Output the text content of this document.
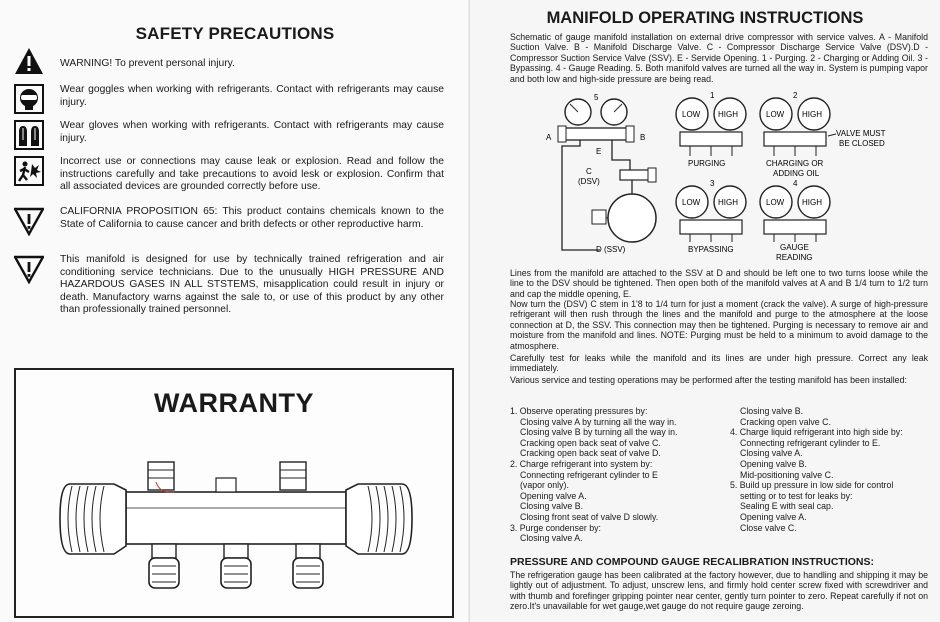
SAFETY PRECAUTIONS
WARNING! To prevent personal injury.
Wear goggles when working with refrigerants. Contact with refrigerants may cause injury.
Wear gloves when working with refrigerants. Contact with refrigerants may cause injury.
Incorrect use or connections may cause leak or explosion. Read and follow the instructions carefully and take precautions to avoid lesk or explosion. Confirm that all associated devices are grounded correctly before use.
CALIFORNIA PROPOSITION 65: This product contains chemicals known to the State of California to cause cancer and brith defects or other reproductive harm.
This manifold is designed for use by technically trained refrigeration and air conditioning service technicians. Due to the unusually HIGH PRESSURE AND HAZARDOUS GASES IN ALL STSTEMS, misapplication could result in injury or death. Manufactory warns against the sale to, or use of this product by any other than professionally trained personnel.
WARRANTY
MANIFOLD OPERATING INSTRUCTIONS
Schematic of gauge manifold installation on external drive compressor with service valves. A - Manifold Suction Valve. B - Manifold Discharge Valve. C - Compressor Discharge Service Valve (DSV).D - Compressor Suction Service Valve (SSV). E - Servide Opening. 1 - Purging. 2 - Charging or Adding Oil. 3 - Bypassing. 4 - Gauge Reading. 5. Both manifold valves are turned all the way in. System is pumping vapor and both low and high-side pressure are being read.
5
A	B
E
C
(DSV)
D (SSV)
LOW HIGH
1
PURGING
LOW HIGH
2
CHARGING OR
ADDING OIL
VALVE MUST
BE CLOSED
LOW HIGH
3
BYPASSING
LOW HIGH
4
GAUGE
READING
Lines from the manifold are attached to the SSV at D and should be left one to two turns loose while the line to the DSV should be tightened. Then open both of the manifold valves at A and B 1/4 turn to 1/2 turn and cap the middle opening, E.
Now turn the (DSV) C stem in 1'8 to 1/4 turn for just a moment (crack the valve). A surge of high-pressure refrigerant will then rush through the lines and the manifold and purge to the atmosphere at the loose connection at D, the SSV. This connection may then be tightened. Purging is necessary to remove air and moisture from the manifold and lines. NOTE: Purging must be held to a minimum to avoid damage to the atmosphere.
Carefully test for leaks while the manifold and its lines are under high pressure. Correct any leak immediately.
Various service and testing operations may be performed after the testing manifold has been installed:
1. Observe operating pressures by:
Closing valve A by turning all the way in.
Closing valve B by turning all the way in.
Cracking open back seat of valve C.
Cracking open back seat of valve D.
2. Charge refrigerant into system by:
Connecting refrigerant cylinder to E
(vapor only).
Opening valve A.
Closing valve B.
Closing front seat of valve D slowly.
3. Purge condenser by:
Closing valve A.
Closing valve B.
Cracking open valve C.
4. Charge liquid refrigerant into high side by:
Connecting refrigerant cylinder to E.
Closing valve A.
Opening valve B.
Mid-positioning valve C.
5. Build up pressure in low side for control
setting or to test for leaks by:
Sealing E with seal cap.
Opening valve A.
Close valve C.
PRESSURE AND COMPOUND GAUGE RECALIBRATION INSTRUCTIONS:
The refrigeration gauge has been calibrated at the factory however, due to handling and shipping it may be lightly out of adjustment. To adjust, unscrew lens, and firmly hold center screw fixed with screwdriver and with thumb and forefinger gripping pointer near center, gently turn pointer to zero. Repeat carefully if not on zero.It's unavailable for wet gauge,wet gauge do not require gauge zeroing.
